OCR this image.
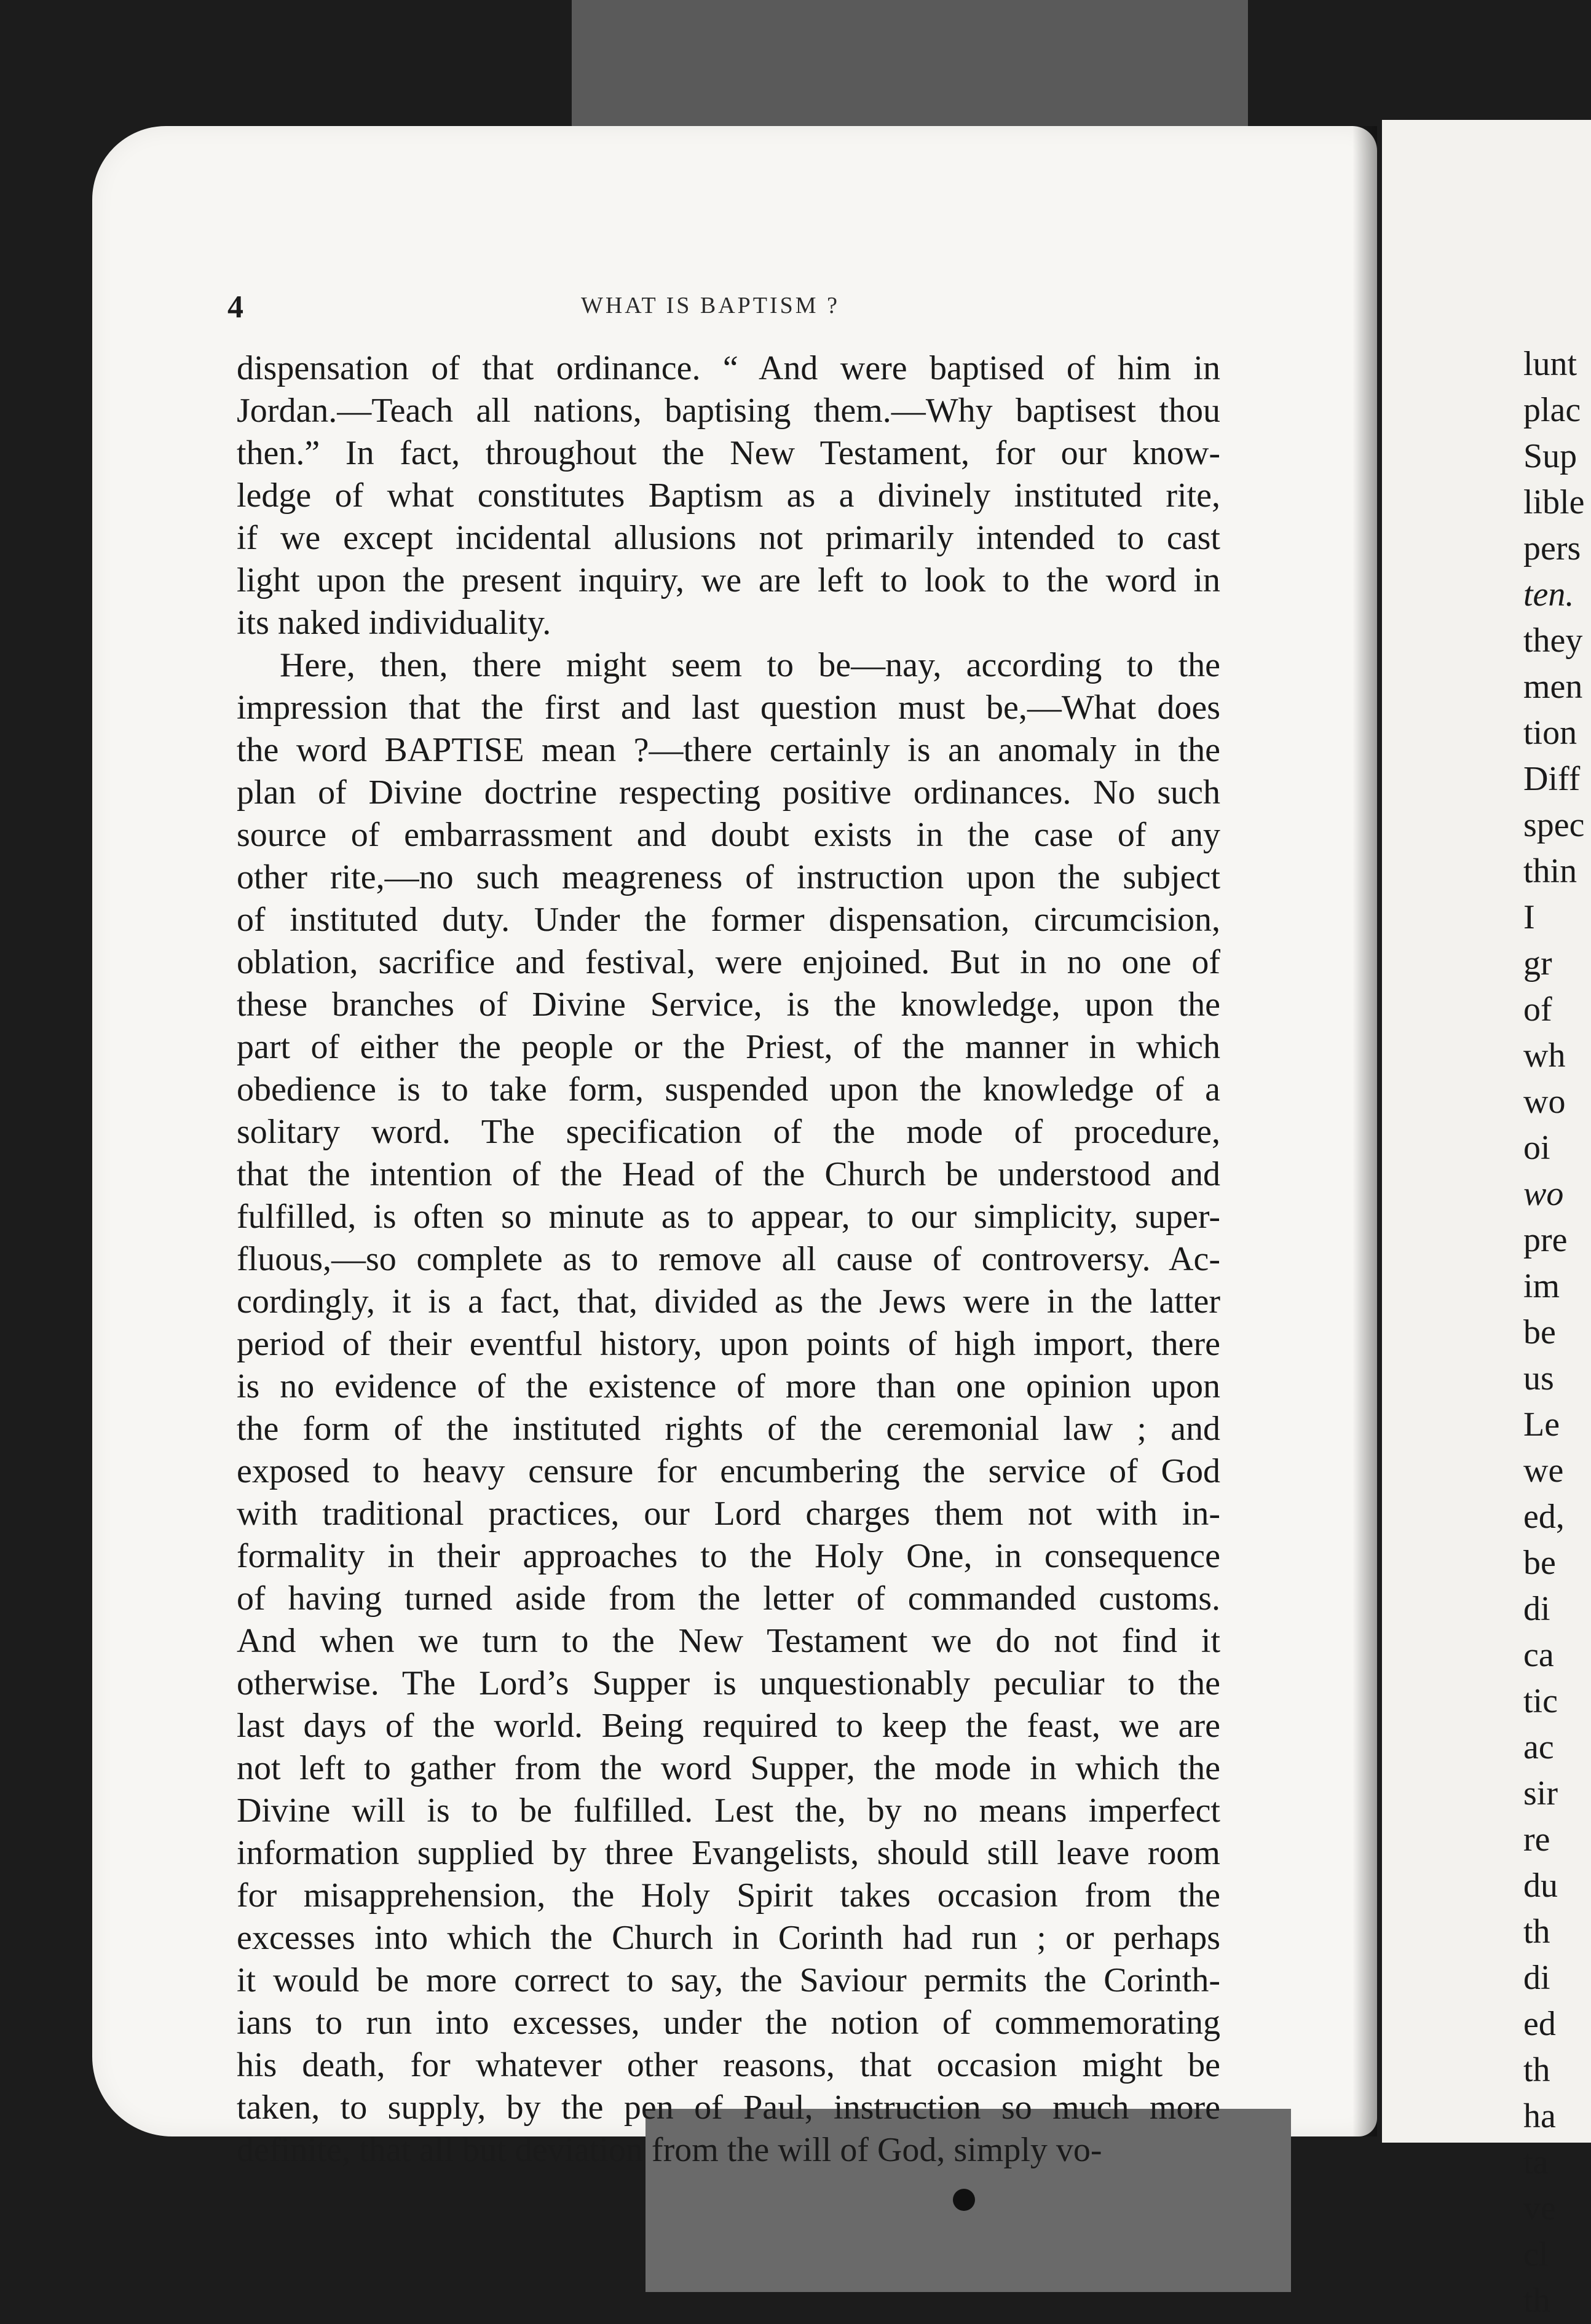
4	WHAT IS BAPTISM ?
dispensation of that ordinance. “ And were baptised of him in
Jordan.—Teach all nations, baptising them.—Why baptisest thou
then.” In fact, throughout the New Testament, for our know-
ledge of what constitutes Baptism as a divinely instituted rite,
if we except incidental allusions not primarily intended to cast
light upon the present inquiry, we are left to look to the word in
its naked individuality.
Here, then, there might seem to be—nay, according to the
impression that the first and last question must be,—What does
the word BAPTISE mean ?—there certainly is an anomaly in the
plan of Divine doctrine respecting positive ordinances. No such
source of embarrassment and doubt exists in the case of any
other rite,—no such meagreness of instruction upon the subject
of instituted duty. Under the former dispensation, circumcision,
oblation, sacrifice and festival, were enjoined. But in no one of
these branches of Divine Service, is the knowledge, upon the
part of either the people or the Priest, of the manner in which
obedience is to take form, suspended upon the knowledge of a
solitary word. The specification of the mode of procedure,
that the intention of the Head of the Church be understood and
fulfilled, is often so minute as to appear, to our simplicity, super-
fluous,—so complete as to remove all cause of controversy. Ac-
cordingly, it is a fact, that, divided as the Jews were in the latter
period of their eventful history, upon points of high import, there
is no evidence of the existence of more than one opinion upon
the form of the instituted rights of the ceremonial law ; and
exposed to heavy censure for encumbering the service of God
with traditional practices, our Lord charges them not with in-
formality in their approaches to the Holy One, in consequence
of having turned aside from the letter of commanded customs.
And when we turn to the New Testament we do not find it
otherwise. The Lord’s Supper is unquestionably peculiar to the
last days of the world. Being required to keep the feast, we are
not left to gather from the word Supper, the mode in which the
Divine will is to be fulfilled. Lest the, by no means imperfect
information supplied by three Evangelists, should still leave room
for misapprehension, the Holy Spirit takes occasion from the
excesses into which the Church in Corinth had run ; or perhaps
it would be more correct to say, the Saviour permits the Corinth-
ians to run into excesses, under the notion of commemorating
his death, for whatever other reasons, that occasion might be
taken, to supply, by the pen of Paul, instruction so much more
definite, that all but deviation from the will of God, simply vo-
lunt
plac
Sup
lible
pers
ten.
they
men
tion
Diff
spec
thin
I
gr
of
wh
wo
oi
wo
pre
im
be
us
Le
we
ed,
be
di
ca
tic
ac
sir
re
du
th
di
ed
th
ha
ta
ve
cl
th
